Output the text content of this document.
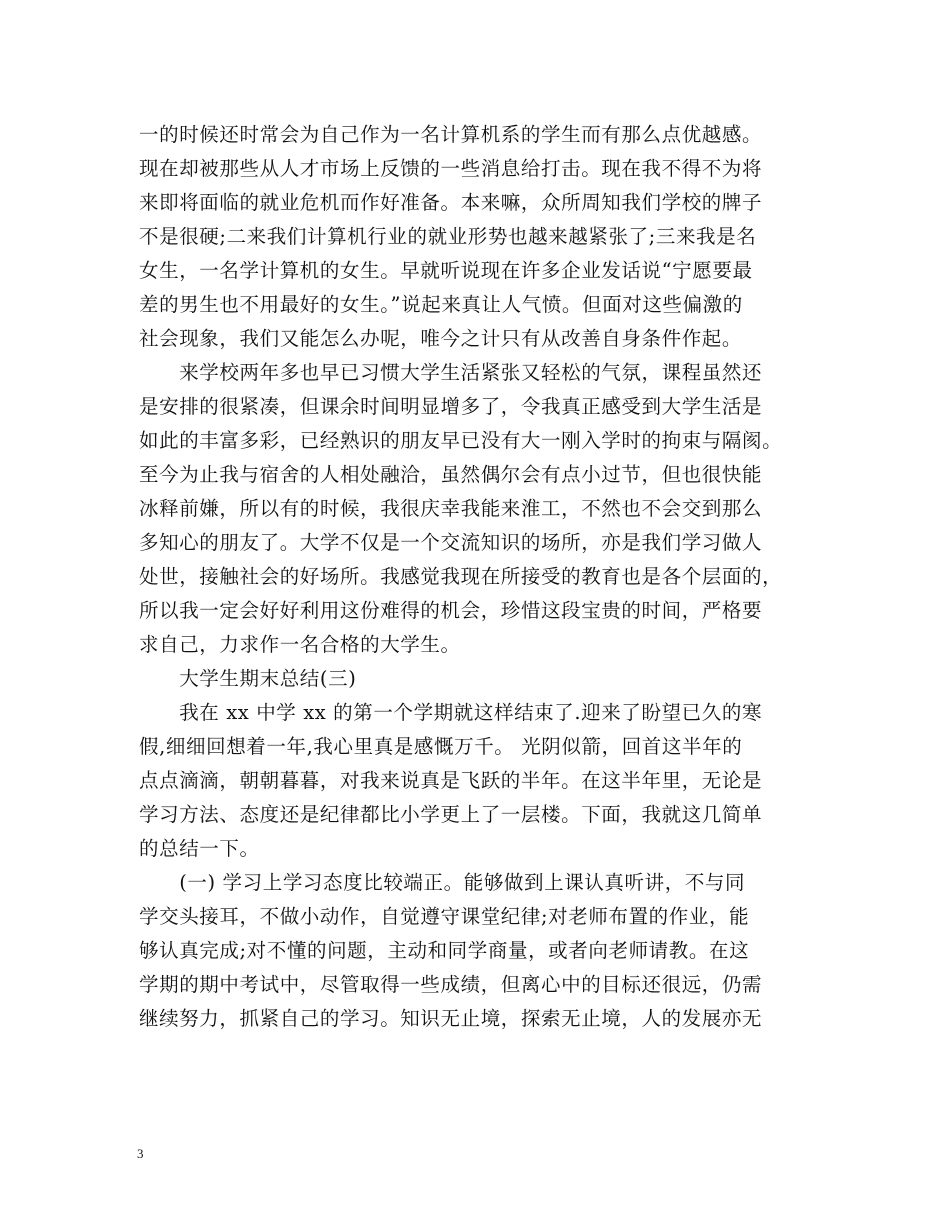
一的时候还时常会为自己作为一名计算机系的学生而有那么点优越感。
现在却被那些从人才市场上反馈的一些消息给打击。现在我不得不为将
来即将面临的就业危机而作好准备。本来嘛，众所周知我们学校的牌子
不是很硬;二来我们计算机行业的就业形势也越来越紧张了;三来我是名
女生，一名学计算机的女生。早就听说现在许多企业发话说“宁愿要最
差的男生也不用最好的女生。”说起来真让人气愤。但面对这些偏激的
社会现象，我们又能怎么办呢，唯今之计只有从改善自身条件作起。
　　来学校两年多也早已习惯大学生活紧张又轻松的气氛，课程虽然还
是安排的很紧凑，但课余时间明显增多了，令我真正感受到大学生活是
如此的丰富多彩，已经熟识的朋友早已没有大一刚入学时的拘束与隔阂。
至今为止我与宿舍的人相处融洽，虽然偶尔会有点小过节，但也很快能
冰释前嫌，所以有的时候，我很庆幸我能来淮工，不然也不会交到那么
多知心的朋友了。大学不仅是一个交流知识的场所，亦是我们学习做人
处世，接触社会的好场所。我感觉我现在所接受的教育也是各个层面的，
所以我一定会好好利用这份难得的机会，珍惜这段宝贵的时间，严格要
求自己，力求作一名合格的大学生。
　　大学生期末总结(三)
　　我在 xx 中学 xx 的第一个学期就这样结束了.迎来了盼望已久的寒
假,细细回想着一年,我心里真是感慨万千。 光阴似箭，回首这半年的
点点滴滴，朝朝暮暮，对我来说真是飞跃的半年。在这半年里，无论是
学习方法、态度还是纪律都比小学更上了一层楼。下面，我就这几简单
的总结一下。
　　(一) 学习上学习态度比较端正。能够做到上课认真听讲，不与同
学交头接耳，不做小动作，自觉遵守课堂纪律;对老师布置的作业，能
够认真完成;对不懂的问题，主动和同学商量，或者向老师请教。在这
学期的期中考试中，尽管取得一些成绩，但离心中的目标还很远，仍需
继续努力，抓紧自己的学习。知识无止境，探索无止境，人的发展亦无
3
